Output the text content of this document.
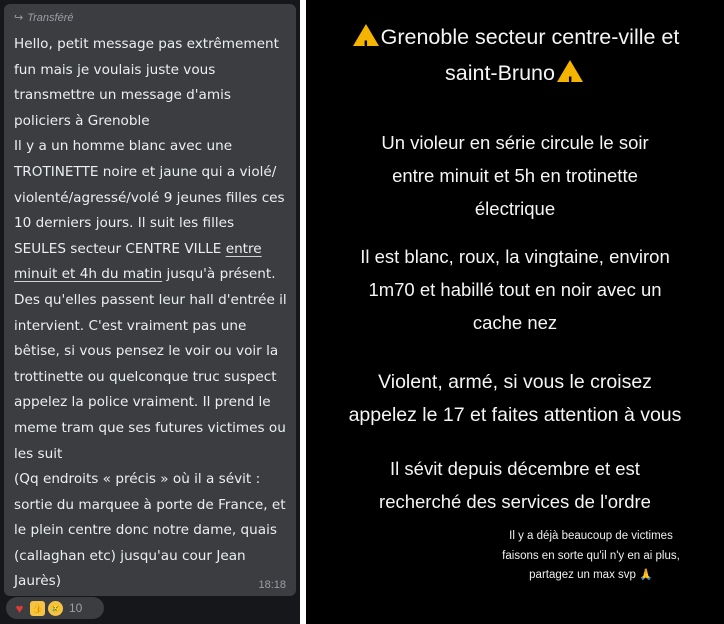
↪ Transféré
Hello, petit message pas extrêmement
fun mais je voulais juste vous
transmettre un message d'amis
policiers à Grenoble
Il y a un homme blanc avec une
TROTINETTE noire et jaune qui a violé/
violenté/agressé/volé 9 jeunes filles ces
10 derniers jours. Il suit les filles
SEULES secteur CENTRE VILLE entre
minuit et 4h du matin jusqu'à présent.
Des qu'elles passent leur hall d'entrée il
intervient. C'est vraiment pas une
bêtise, si vous pensez le voir ou voir la
trottinette ou quelconque truc suspect
appelez la police vraiment. Il prend le
meme tram que ses futures victimes ou
les suit
(Qq endroits « précis » où il a sévit :
sortie du marquee à porte de France, et
le plein centre donc notre dame, quais
(callaghan etc) jusqu'au cour Jean
Jaurès)	18:18
♥ 👍 😢 10
!Grenoble secteur centre-ville et
saint-Bruno!
Un violeur en série circule le soir
entre minuit et 5h en trotinette
électrique
Il est blanc, roux, la vingtaine, environ
1m70 et habillé tout en noir avec un
cache nez
Violent, armé, si vous le croisez
appelez le 17 et faites attention à vous
Il sévit depuis décembre et est
recherché des services de l'ordre
Il y a déjà beaucoup de victimes
faisons en sorte qu'il n'y en ai plus,
partagez un max svp 🙏
